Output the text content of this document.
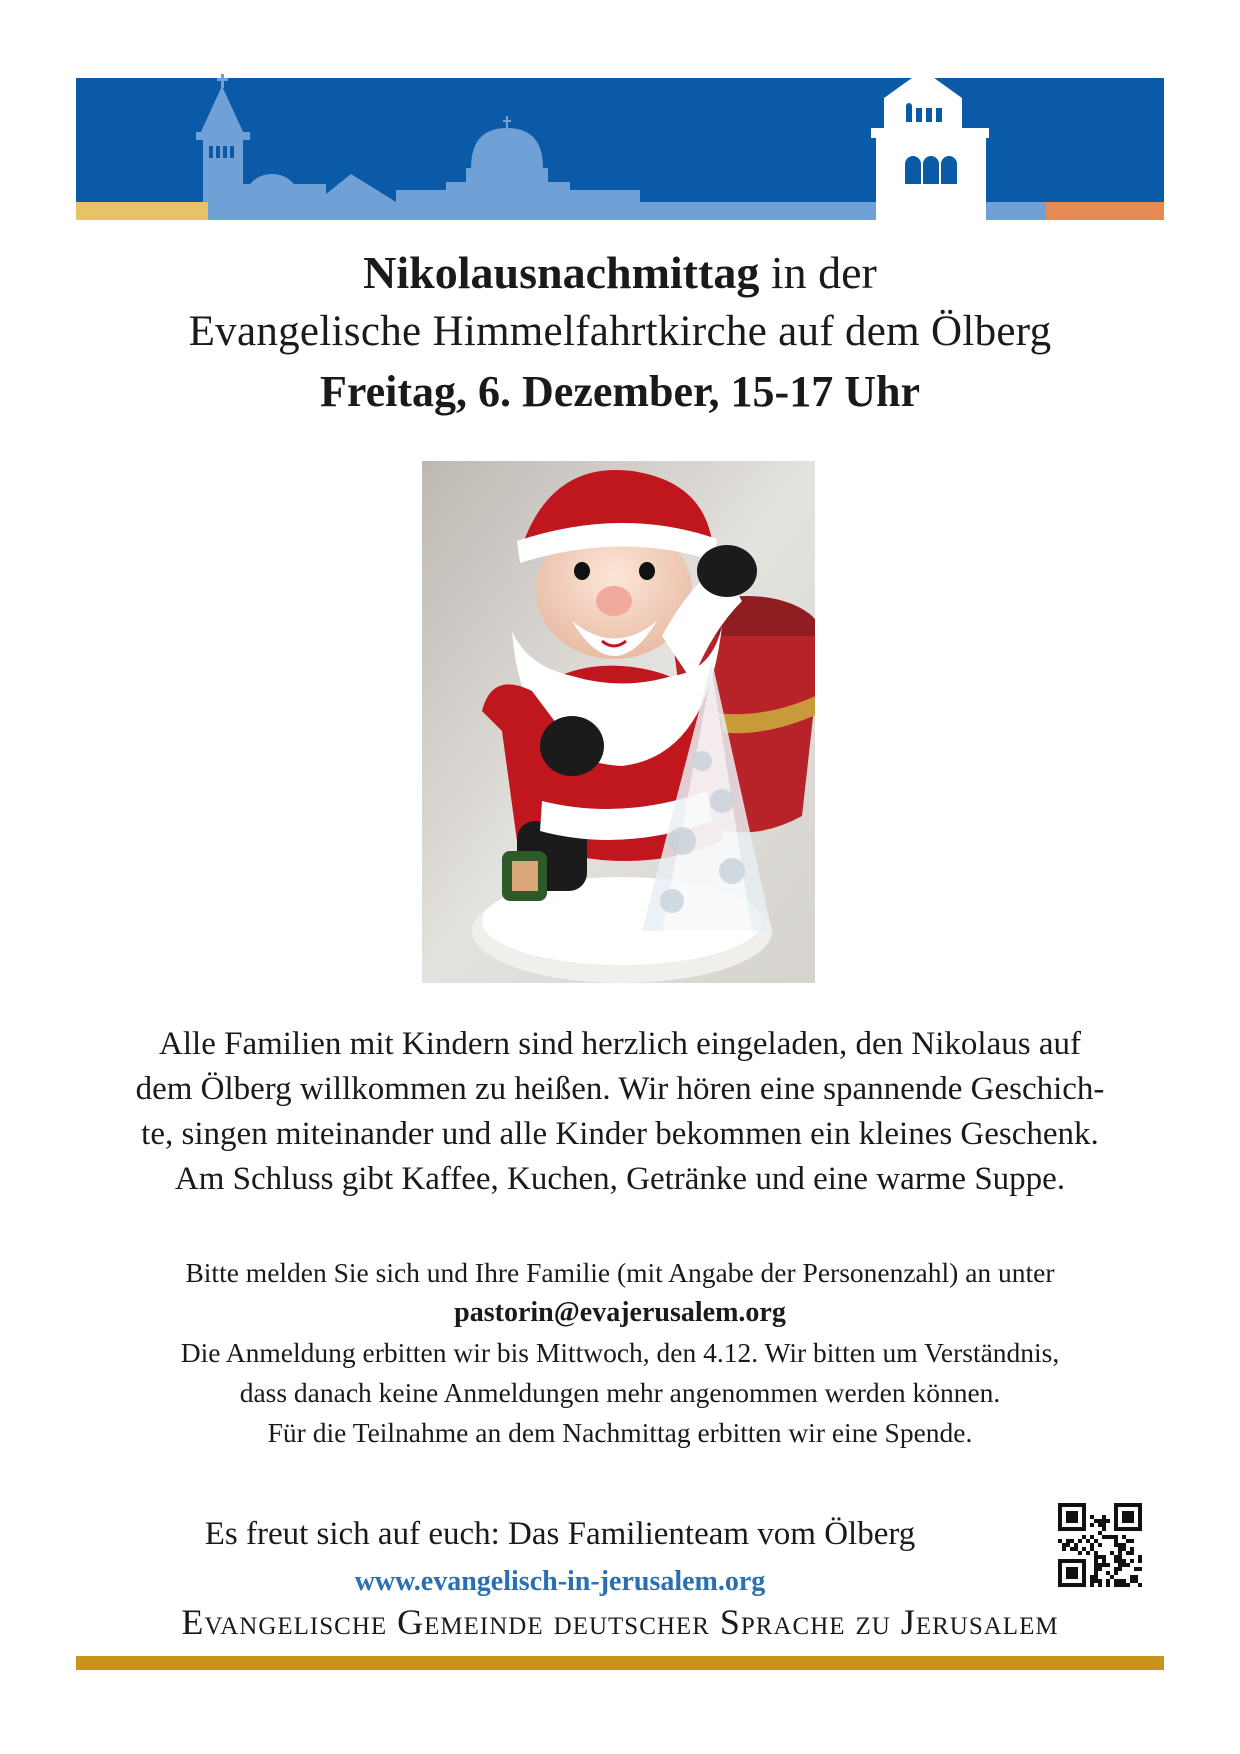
Nikolausnachmittag in der
Evangelische Himmelfahrtkirche auf dem Ölberg
Freitag, 6. Dezember, 15-17 Uhr
Alle Familien mit Kindern sind herzlich eingeladen, den Nikolaus auf
dem Ölberg willkommen zu heißen. Wir hören eine spannende Geschich-
te, singen miteinander und alle Kinder bekommen ein kleines Geschenk.
Am Schluss gibt Kaffee, Kuchen, Getränke und eine warme Suppe.
Bitte melden Sie sich und Ihre Familie (mit Angabe der Personenzahl) an unter
pastorin@evajerusalem.org
Die Anmeldung erbitten wir bis Mittwoch, den 4.12. Wir bitten um Verständnis,
dass danach keine Anmeldungen mehr angenommen werden können.
Für die Teilnahme an dem Nachmittag erbitten wir eine Spende.
Es freut sich auf euch: Das Familienteam vom Ölberg
www.evangelisch-in-jerusalem.org
Evangelische Gemeinde deutscher Sprache zu Jerusalem
